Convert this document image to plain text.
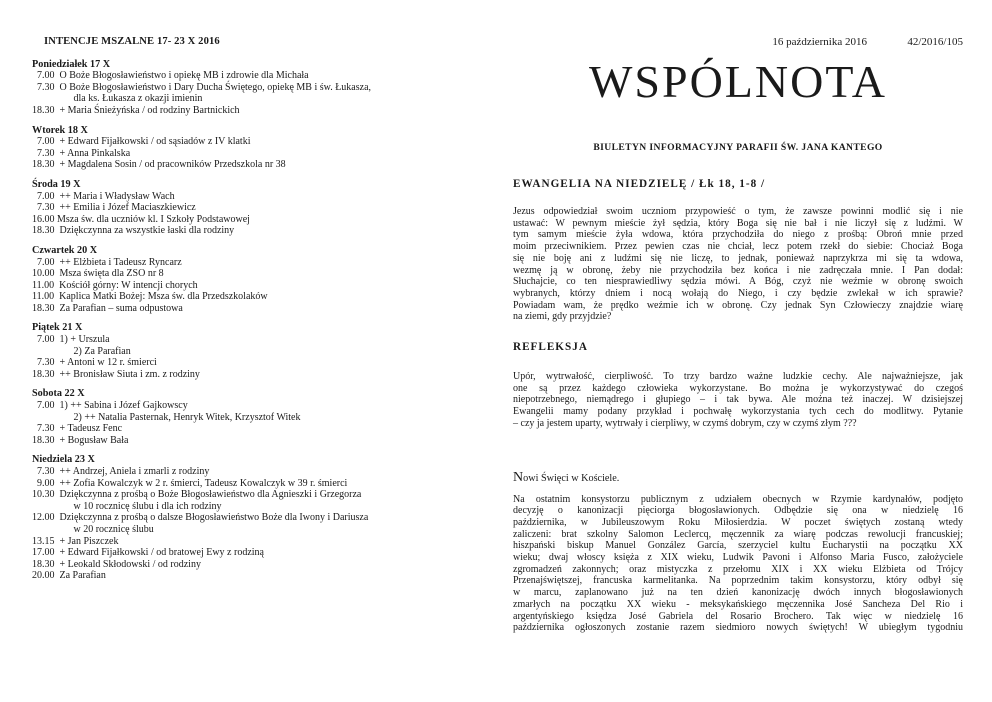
INTENCJE MSZALNE 17- 23 X 2016
Poniedziałek 17 X
7.00 O Boże Błogosławieństwo i opiekę MB i zdrowie dla Michała
7.30 O Boże Błogosławieństwo i Dary Ducha Świętego, opiekę MB i św. Łukasza,
dla ks. Łukasza z okazji imienin
18.30 + Maria Śnieżyńska / od rodziny Bartnickich
Wtorek 18 X
7.00 + Edward Fijałkowski / od sąsiadów z IV klatki
7.30 + Anna Pinkalska
18.30 + Magdalena Sosin / od pracowników Przedszkola nr 38
Środa 19 X
7.00 ++ Maria i Władysław Wach
7.30 ++ Emilia i Józef Maciaszkiewicz
16.00 Msza św. dla uczniów kl. I Szkoły Podstawowej
18.30 Dziękczynna za wszystkie łaski dla rodziny
Czwartek 20 X
7.00 ++ Elżbieta i Tadeusz Ryncarz
10.00 Msza święta dla ZSO nr 8
11.00 Kościół górny: W intencji chorych
11.00 Kaplica Matki Bożej: Msza św. dla Przedszkolaków
18.30 Za Parafian – suma odpustowa
Piątek 21 X
7.00 1) + Urszula
2) Za Parafian
7.30 + Antoni w 12 r. śmierci
18.30 ++ Bronisław Siuta i zm. z rodziny
Sobota 22 X
7.00 1) ++ Sabina i Józef Gajkowscy
2) ++ Natalia Pasternak, Henryk Witek, Krzysztof Witek
7.30 + Tadeusz Fenc
18.30 + Bogusław Bała
Niedziela 23 X
7.30 ++ Andrzej, Aniela i zmarli z rodziny
9.00 ++ Zofia Kowalczyk w 2 r. śmierci, Tadeusz Kowalczyk w 39 r. śmierci
10.30 Dziękczynna z prośbą o Boże Błogosławieństwo dla Agnieszki i Grzegorza
w 10 rocznicę ślubu i dla ich rodziny
12.00 Dziękczynna z prośbą o dalsze Błogosławieństwo Boże dla Iwony i Dariusza
w 20 rocznicę ślubu
13.15 + Jan Piszczek
17.00 + Edward Fijałkowski / od bratowej Ewy z rodziną
18.30 + Leokald Skłodowski / od rodziny
20.00 Za Parafian
16 października 2016	42/2016/105
WSPÓLNOTA
BIULETYN INFORMACYJNY PARAFII ŚW. JANA KANTEGO
EWANGELIA NA NIEDZIELĘ / Łk 18, 1-8 /
Jezus odpowiedział swoim uczniom przypowieść o tym, że zawsze powinni modlić się i nie
ustawać: W pewnym mieście żył sędzia, który Boga się nie bał i nie liczył się z ludźmi. W
tym samym mieście żyła wdowa, która przychodziła do niego z prośbą: Obroń mnie przed
moim przeciwnikiem. Przez pewien czas nie chciał, lecz potem rzekł do siebie: Chociaż Boga
się nie boję ani z ludźmi się nie liczę, to jednak, ponieważ naprzykrza mi się ta wdowa,
wezmę ją w obronę, żeby nie przychodziła bez końca i nie zadręczała mnie. I Pan dodał:
Słuchajcie, co ten niesprawiedliwy sędzia mówi. A Bóg, czyż nie weźmie w obronę swoich
wybranych, którzy dniem i nocą wołają do Niego, i czy będzie zwlekał w ich sprawie?
Powiadam wam, że prędko weźmie ich w obronę. Czy jednak Syn Człowieczy znajdzie wiarę
na ziemi, gdy przyjdzie?
REFLEKSJA
Upór, wytrwałość, cierpliwość. To trzy bardzo ważne ludzkie cechy. Ale najważniejsze, jak
one są przez każdego człowieka wykorzystane. Bo można je wykorzystywać do czegoś
niepotrzebnego, niemądrego i głupiego – i tak bywa. Ale można też inaczej. W dzisiejszej
Ewangelii mamy podany przykład i pochwałę wykorzystania tych cech do modlitwy. Pytanie
– czy ja jestem uparty, wytrwały i cierpliwy, w czymś dobrym, czy w czymś złym ???
Nowi Święci w Kościele.
Na ostatnim konsystorzu publicznym z udziałem obecnych w Rzymie kardynałów, podjęto
decyzję o kanonizacji pięciorga błogosławionych. Odbędzie się ona w niedzielę 16
października, w Jubileuszowym Roku Miłosierdzia. W poczet świętych zostaną wtedy
zaliczeni: brat szkolny Salomon Leclercq, męczennik za wiarę podczas rewolucji francuskiej;
hiszpański biskup Manuel González García, szerzyciel kultu Eucharystii na początku XX
wieku; dwaj włoscy księża z XIX wieku, Ludwik Pavoni i Alfonso Maria Fusco, założyciele
zgromadzeń zakonnych; oraz mistyczka z przełomu XIX i XX wieku Elżbieta od Trójcy
Przenajświętszej, francuska karmelitanka. Na poprzednim takim konsystorzu, który odbył się
w marcu, zaplanowano już na ten dzień kanonizację dwóch innych błogosławionych
zmarłych na początku XX wieku - meksykańskiego męczennika José Sancheza Del Rio i
argentyńskiego księdza José Gabriela del Rosario Brochero. Tak więc w niedzielę 16
października ogłoszonych zostanie razem siedmioro nowych świętych! W ubiegłym tygodniu
